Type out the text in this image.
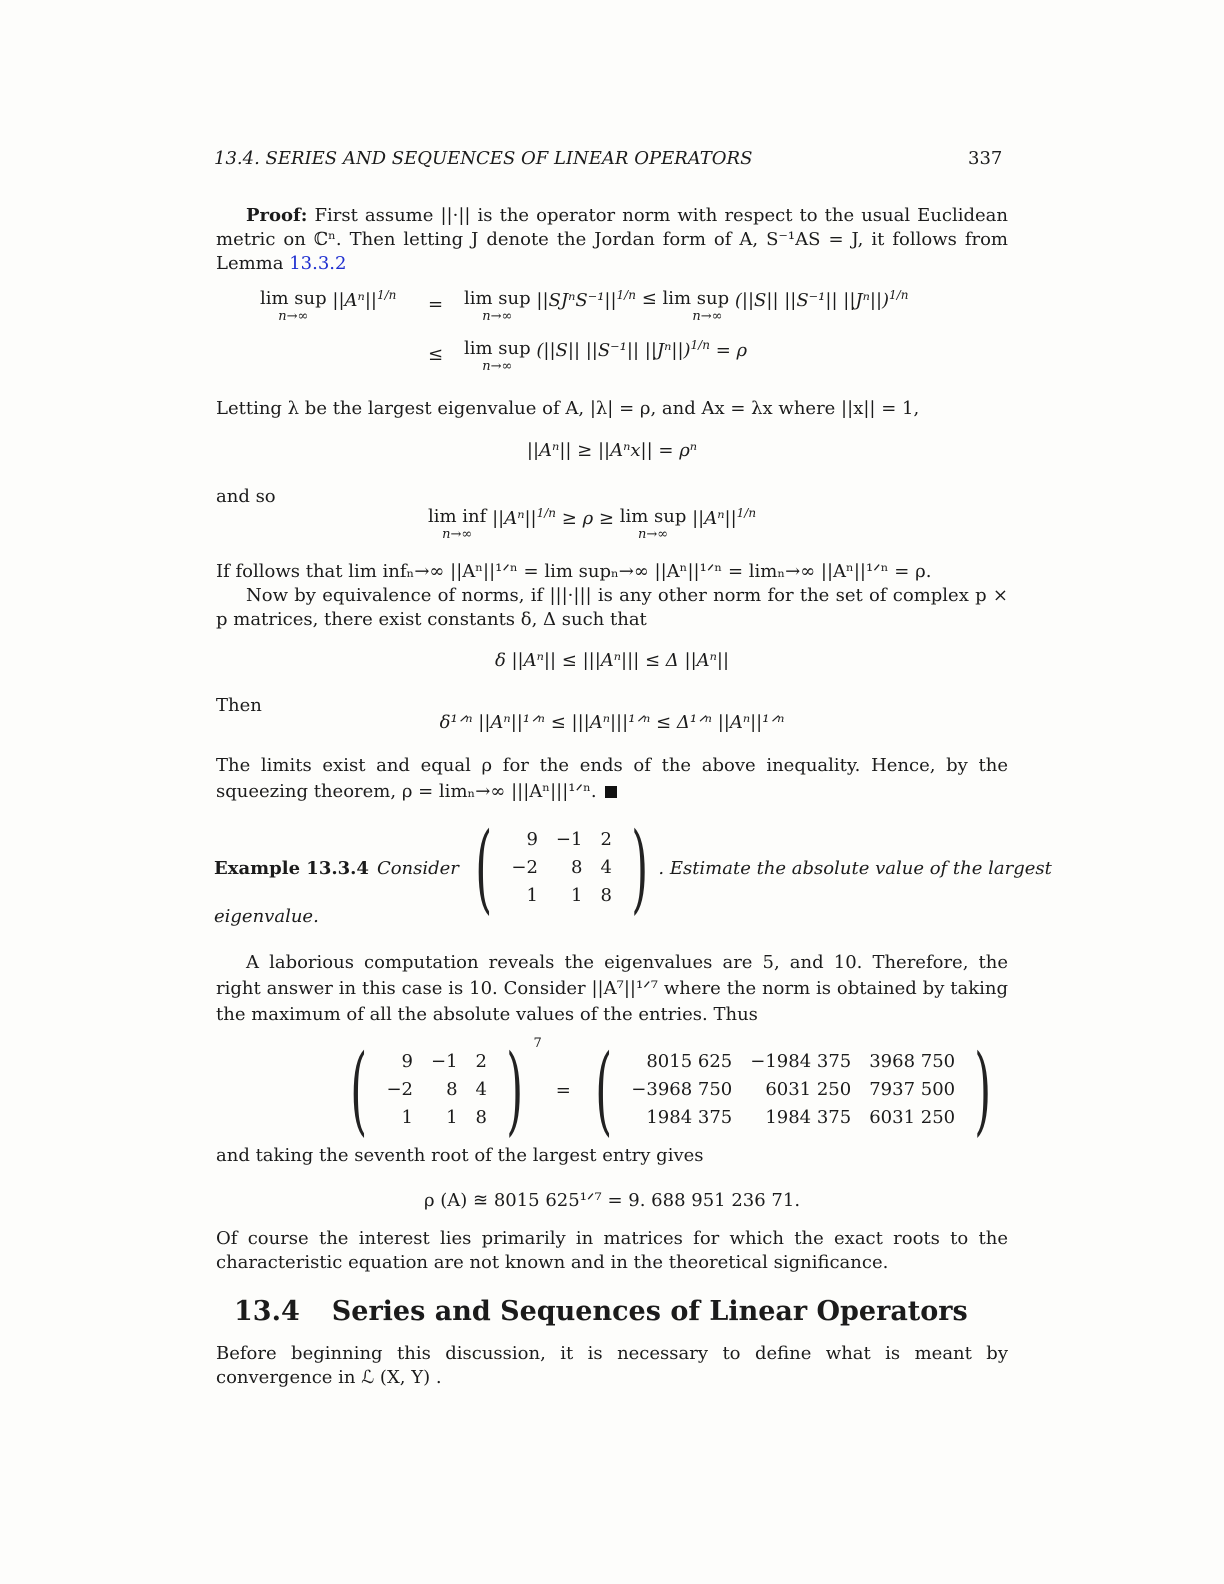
13.4. SERIES AND SEQUENCES OF LINEAR OPERATORS	337
Proof: First assume ||·|| is the operator norm with respect to the usual Euclidean metric on ℂⁿ. Then letting J denote the Jordan form of A, S⁻¹AS = J, it follows from Lemma 13.3.2
lim sup
n→∞
$||A^n||^{1/n} = \lim$ sup
n→∞
$||SJ^nS^{-1}||^{1/n} \le \lim$ sup
n→∞
(||S|| ||S⁻¹|| ||Jⁿ||)$^{1/n}$
≤ lim sup
n→∞
(||S|| ||S⁻¹|| ||Jⁿ||)$^{1/n}$ = ρ
Letting λ be the largest eigenvalue of A, |λ| = ρ, and Ax = λx where ||x|| = 1,
||Aⁿ|| ≥ ||Aⁿx|| = ρⁿ
and so
lim inf
n→∞
$||A^n||^{1/n} \ge \rho \ge \lim$ sup
n→∞
$||A^n||^{1/n}$
If follows that lim infₙ→∞ ||Aⁿ||¹ᐟⁿ = lim supₙ→∞ ||Aⁿ||¹ᐟⁿ = limₙ→∞ ||Aⁿ||¹ᐟⁿ = ρ.
Now by equivalence of norms, if |||·||| is any other norm for the set of complex p × p matrices, there exist constants δ, Δ such that
δ ||Aⁿ|| ≤ |||Aⁿ||| ≤ Δ ||Aⁿ||
Then
δ¹ᐟⁿ ||Aⁿ||¹ᐟⁿ ≤ |||Aⁿ|||¹ᐟⁿ ≤ Δ¹ᐟⁿ ||Aⁿ||¹ᐟⁿ
The limits exist and equal ρ for the ends of the above inequality. Hence, by the squeezing theorem, ρ = limₙ→∞ |||Aⁿ|||¹ᐟⁿ.
Example 13.3.4 Consider ( 9	−1	2
−2	8	4
1	1	8 ) . Estimate the absolute value of the largest
eigenvalue.
A laborious computation reveals the eigenvalues are 5, and 10. Therefore, the right answer in this case is 10. Consider ||A⁷||¹ᐟ⁷ where the norm is obtained by taking the maximum of all the absolute values of the entries. Thus
( 9	−1	2
−2	8	4
1	1	8 ) 7
= ( 8015 625	−1984 375	3968 750
−3968 750	6031 250	7937 500
1984 375	1984 375	6031 250 )
and taking the seventh root of the largest entry gives
ρ (A) ≊ 8015 625¹ᐟ⁷ = 9. 688 951 236 71.
Of course the interest lies primarily in matrices for which the exact roots to the characteristic equation are not known and in the theoretical significance.
13.4 Series and Sequences of Linear Operators
Before beginning this discussion, it is necessary to define what is meant by convergence in ℒ (X, Y) .
